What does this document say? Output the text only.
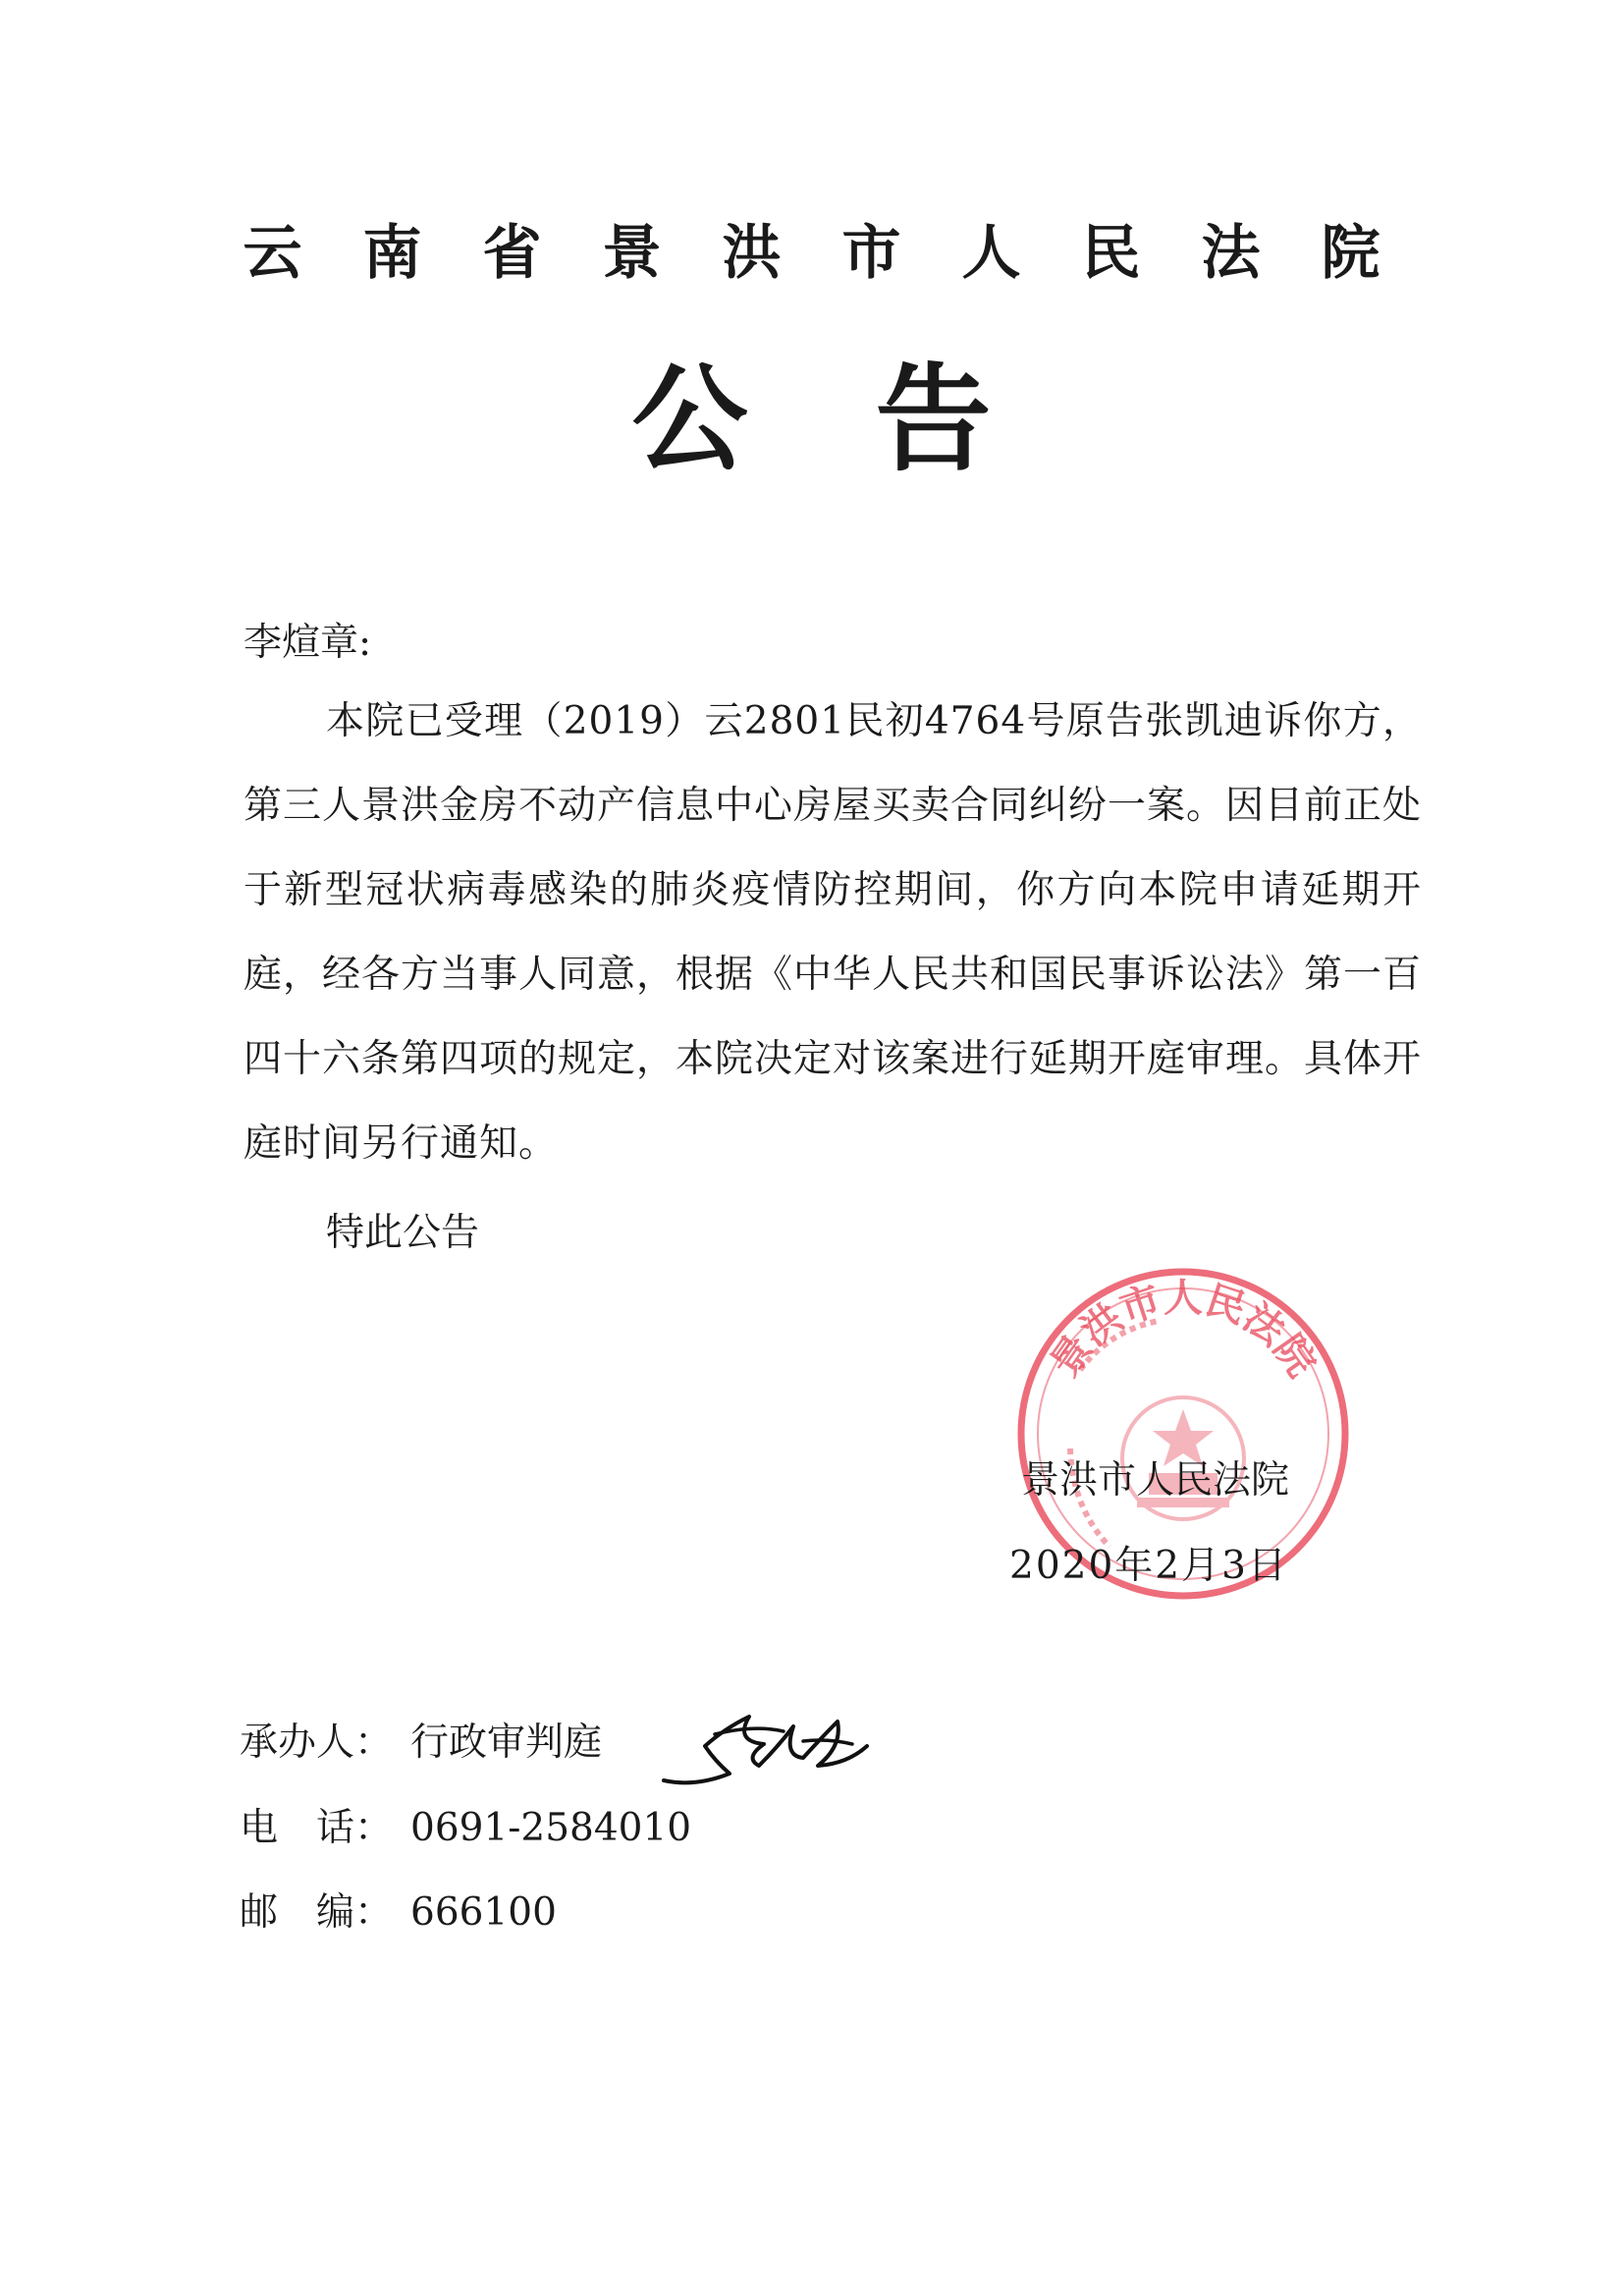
云南省景洪市人民法院
公告
李煊章:
本院已受理（2019）云2801民初4764号原告张凯迪诉你方，第三人景洪金房不动产信息中心房屋买卖合同纠纷一案。因目前正处于新型冠状病毒感染的肺炎疫情防控期间，你方向本院申请延期开庭，经各方当事人同意，根据《中华人民共和国民事诉讼法》第一百四十六条第四项的规定，本院决定对该案进行延期开庭审理。具体开庭时间另行通知。
特此公告
景洪市人民法院
景洪市人民法院
2020年2月3日
承办人： 行政审判庭
电　话： 0691-2584010
邮　编： 666100
